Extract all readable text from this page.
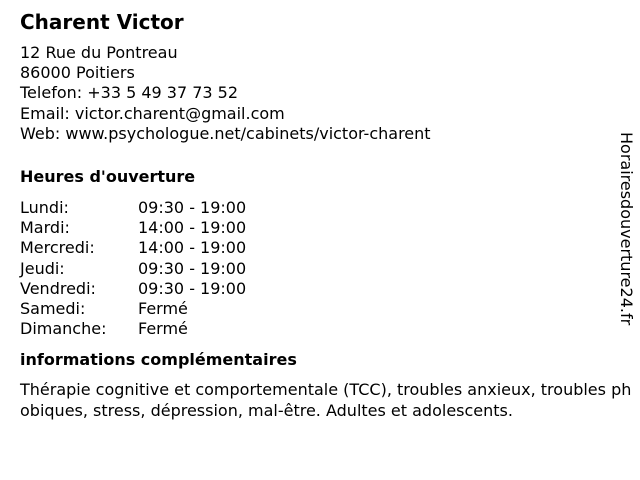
Charent Victor
12 Rue du Pontreau
86000 Poitiers
Telefon: +33 5 49 37 73 52
Email: victor.charent@gmail.com
Web: www.psychologue.net/cabinets/victor-charent
Heures d'ouverture
Lundi:	09:30 - 19:00
Mardi:	14:00 - 19:00
Mercredi:	14:00 - 19:00
Jeudi:	09:30 - 19:00
Vendredi:	09:30 - 19:00
Samedi:	Fermé
Dimanche:	Fermé
informations complémentaires
Thérapie cognitive et comportementale (TCC), troubles anxieux, troubles phobiques, stress, dépression, mal-être. Adultes et adolescents.
Horairesdouverture24.fr
